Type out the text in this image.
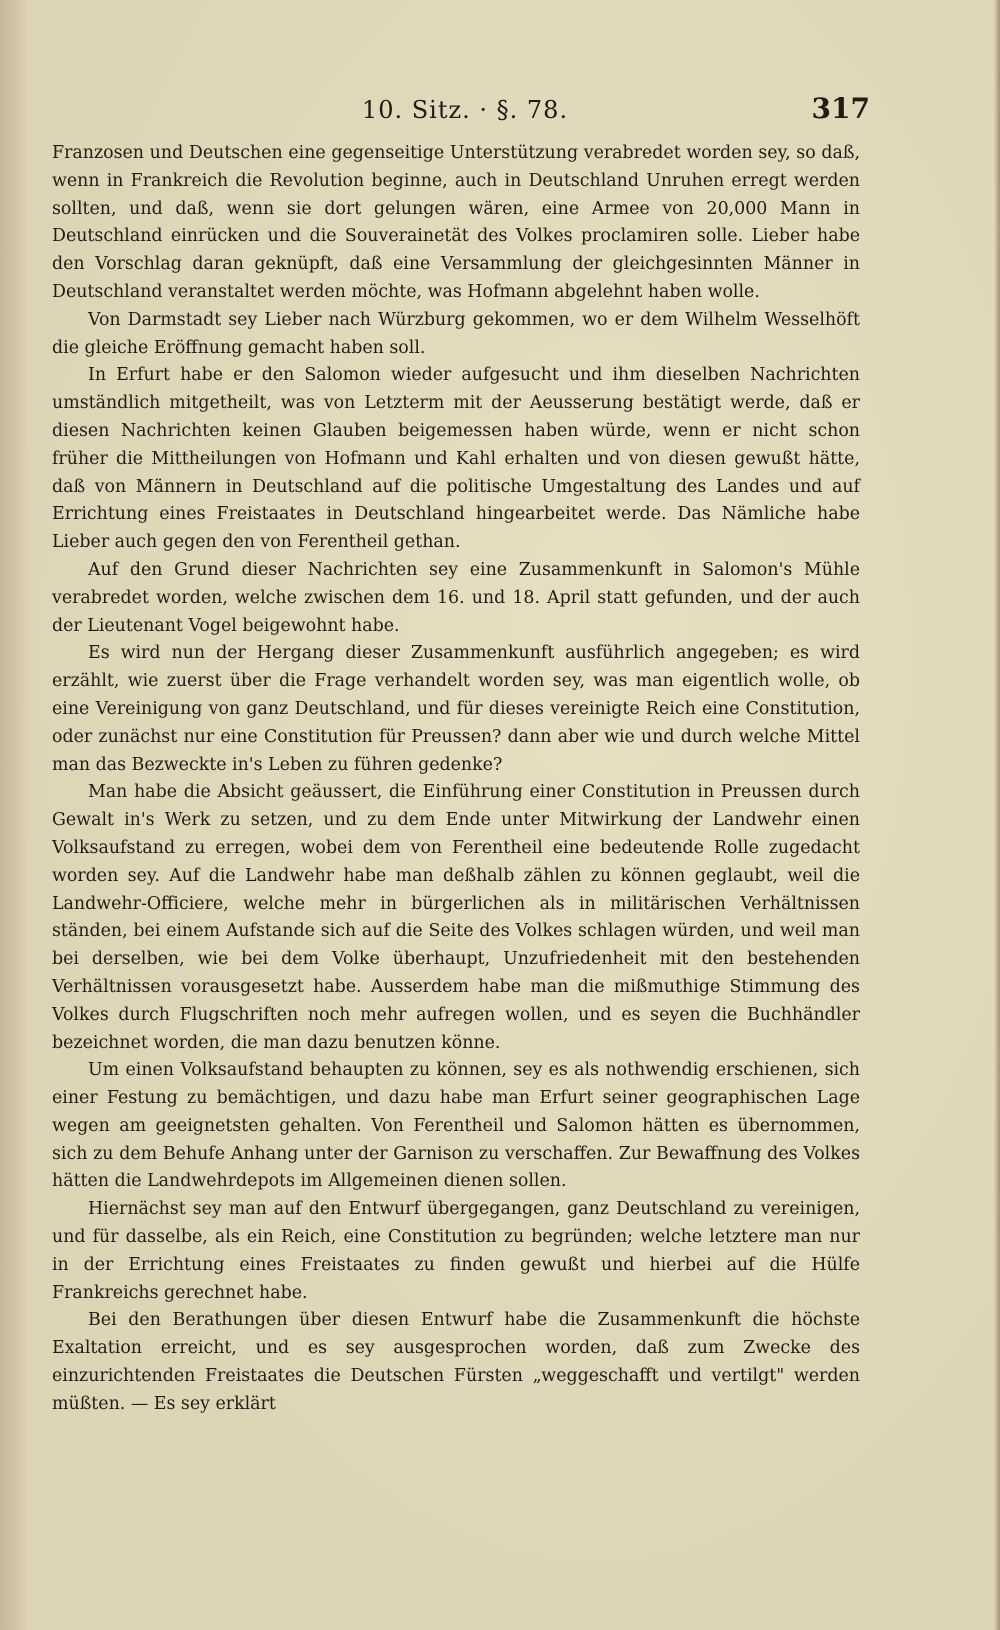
10. Sitz. · §. 78.	317

Franzosen und Deutschen eine gegenseitige Unterstützung verabredet worden sey, so daß, wenn in Frankreich die Revolution beginne, auch in Deutschland Unruhen erregt werden sollten, und daß, wenn sie dort gelungen wären, eine Armee von 20,000 Mann in Deutschland einrücken und die Souverainetät des Volkes proclamiren solle. Lieber habe den Vorschlag daran geknüpft, daß eine Versammlung der gleichgesinnten Männer in Deutschland veranstaltet werden möchte, was Hofmann abgelehnt haben wolle.

Von Darmstadt sey Lieber nach Würzburg gekommen, wo er dem Wilhelm Wesselhöft die gleiche Eröffnung gemacht haben soll.

In Erfurt habe er den Salomon wieder aufgesucht und ihm dieselben Nachrichten umständlich mitgetheilt, was von Letzterm mit der Aeusserung bestätigt werde, daß er diesen Nachrichten keinen Glauben beigemessen haben würde, wenn er nicht schon früher die Mittheilungen von Hofmann und Kahl erhalten und von diesen gewußt hätte, daß von Männern in Deutschland auf die politische Umgestaltung des Landes und auf Errichtung eines Freistaates in Deutschland hingearbeitet werde. Das Nämliche habe Lieber auch gegen den von Ferentheil gethan.

Auf den Grund dieser Nachrichten sey eine Zusammenkunft in Salomon's Mühle verabredet worden, welche zwischen dem 16. und 18. April statt gefunden, und der auch der Lieutenant Vogel beigewohnt habe.

Es wird nun der Hergang dieser Zusammenkunft ausführlich angegeben; es wird erzählt, wie zuerst über die Frage verhandelt worden sey, was man eigentlich wolle, ob eine Vereinigung von ganz Deutschland, und für dieses vereinigte Reich eine Constitution, oder zunächst nur eine Constitution für Preussen? dann aber wie und durch welche Mittel man das Bezweckte in's Leben zu führen gedenke?

Man habe die Absicht geäussert, die Einführung einer Constitution in Preussen durch Gewalt in's Werk zu setzen, und zu dem Ende unter Mitwirkung der Landwehr einen Volksaufstand zu erregen, wobei dem von Ferentheil eine bedeutende Rolle zugedacht worden sey. Auf die Landwehr habe man deßhalb zählen zu können geglaubt, weil die Landwehr-Officiere, welche mehr in bürgerlichen als in militärischen Verhältnissen ständen, bei einem Aufstande sich auf die Seite des Volkes schlagen würden, und weil man bei derselben, wie bei dem Volke überhaupt, Unzufriedenheit mit den bestehenden Verhältnissen vorausgesetzt habe. Ausserdem habe man die mißmuthige Stimmung des Volkes durch Flugschriften noch mehr aufregen wollen, und es seyen die Buchhändler bezeichnet worden, die man dazu benutzen könne.

Um einen Volksaufstand behaupten zu können, sey es als nothwendig erschienen, sich einer Festung zu bemächtigen, und dazu habe man Erfurt seiner geographischen Lage wegen am geeignetsten gehalten. Von Ferentheil und Salomon hätten es übernommen, sich zu dem Behufe Anhang unter der Garnison zu verschaffen. Zur Bewaffnung des Volkes hätten die Landwehrdepots im Allgemeinen dienen sollen.

Hiernächst sey man auf den Entwurf übergegangen, ganz Deutschland zu vereinigen, und für dasselbe, als ein Reich, eine Constitution zu begründen; welche letztere man nur in der Errichtung eines Freistaates zu finden gewußt und hierbei auf die Hülfe Frankreichs gerechnet habe.

Bei den Berathungen über diesen Entwurf habe die Zusammenkunft die höchste Exaltation erreicht, und es sey ausgesprochen worden, daß zum Zwecke des einzurichtenden Freistaates die Deutschen Fürsten „weggeschafft und vertilgt" werden müßten. — Es sey erklärt
